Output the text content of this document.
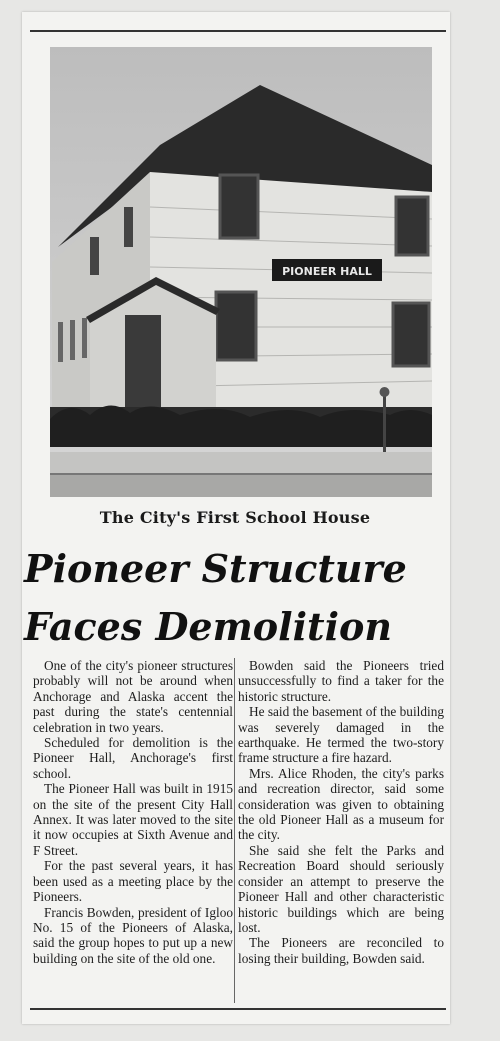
PIONEER HALL
The City's First School House
Pioneer Structure
Faces Demolition

One of the city's pioneer structures probably will not be around when Anchorage and Alaska accent the past during the state's centennial celebration in two years.

Scheduled for demolition is the Pioneer Hall, Anchorage's first school.

The Pioneer Hall was built in 1915 on the site of the present City Hall Annex. It was later moved to the site it now occupies at Sixth Avenue and F Street.

For the past several years, it has been used as a meeting place by the Pioneers.

Francis Bowden, president of Igloo No. 15 of the Pioneers of Alaska, said the group hopes to put up a new building on the site of the old one.

Bowden said the Pioneers tried unsuccessfully to find a taker for the historic structure.

He said the basement of the building was severely damaged in the earthquake. He termed the two-story frame structure a fire hazard.

Mrs. Alice Rhoden, the city's parks and recreation director, said some consideration was given to obtaining the old Pioneer Hall as a museum for the city.

She said she felt the Parks and Recreation Board should seriously consider an attempt to preserve the Pioneer Hall and other characteristic historic buildings which are being lost.

The Pioneers are reconciled to losing their building, Bowden said.
